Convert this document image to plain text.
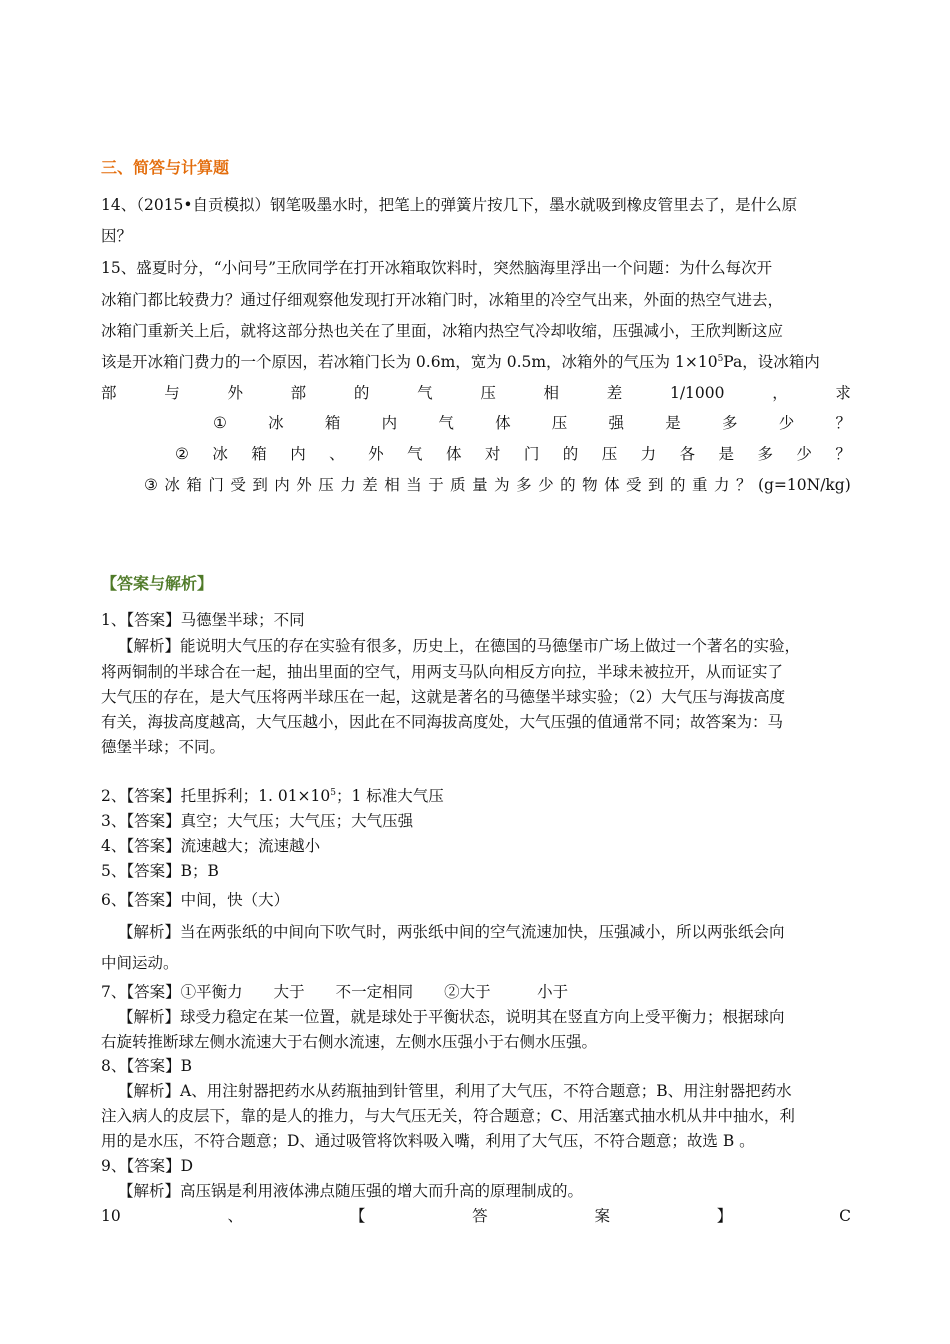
三、简答与计算题
14、（2015•自贡模拟）钢笔吸墨水时，把笔上的弹簧片按几下，墨水就吸到橡皮管里去了，是什么原
因？
15、盛夏时分，“小问号”王欣同学在打开冰箱取饮料时，突然脑海里浮出一个问题：为什么每次开
冰箱门都比较费力？通过仔细观察他发现打开冰箱门时，冰箱里的冷空气出来，外面的热空气进去，
冰箱门重新关上后，就将这部分热也关在了里面，冰箱内热空气冷却收缩，压强减小，王欣判断这应
该是开冰箱门费力的一个原因，若冰箱门长为 0.6m，宽为 0.5m，冰箱外的气压为 $1\times 10^5Pa$，设冰箱内
部	与	外	部	的	气	压	相	差	1/1000	，	求
①	冰	箱	内	气	体	压	强	是	多	少	？
② 冰 箱 内 、 外 气 体 对 门 的 压 力 各 是 多 少 ？
③ 冰 箱 门 受 到 内 外 压 力 差 相 当 于 质 量 为 多 少 的 物 体 受 到 的 重 力 ？ (g=10N/kg)
【答案与解析】
1、【答案】马德堡半球；不同
【解析】能说明大气压的存在实验有很多，历史上，在德国的马德堡市广场上做过一个著名的实验，
将两铜制的半球合在一起，抽出里面的空气，用两支马队向相反方向拉，半球未被拉开，从而证实了
大气压的存在，是大气压将两半球压在一起，这就是著名的马德堡半球实验；（2）大气压与海拔高度
有关，海拔高度越高，大气压越小，因此在不同海拔高度处，大气压强的值通常不同；故答案为：马
德堡半球；不同。
2、【答案】托里拆利；1. $01\times 10^5$；1 标准大气压
3、【答案】真空；大气压；大气压；大气压强
4、【答案】流速越大；流速越小
5、【答案】B；B
6、【答案】中间，快（大）
【解析】当在两张纸的中间向下吹气时，两张纸中间的空气流速加快，压强减小，所以两张纸会向
中间运动。
7、【答案】①平衡力　　大于　　不一定相同　　②大于　　　小于
【解析】球受力稳定在某一位置，就是球处于平衡状态，说明其在竖直方向上受平衡力；根据球向
右旋转推断球左侧水流速大于右侧水流速，左侧水压强小于右侧水压强。
8、【答案】B
【解析】A、用注射器把药水从药瓶抽到针管里，利用了大气压，不符合题意；B、用注射器把药水
注入病人的皮层下，靠的是人的推力，与大气压无关，符合题意；C、用活塞式抽水机从井中抽水，利
用的是水压，不符合题意；D、通过吸管将饮料吸入嘴，利用了大气压，不符合题意；故选 B 。
9、【答案】D
【解析】高压锅是利用液体沸点随压强的增大而升高的原理制成的。
10	、	【	答	案	】	C
